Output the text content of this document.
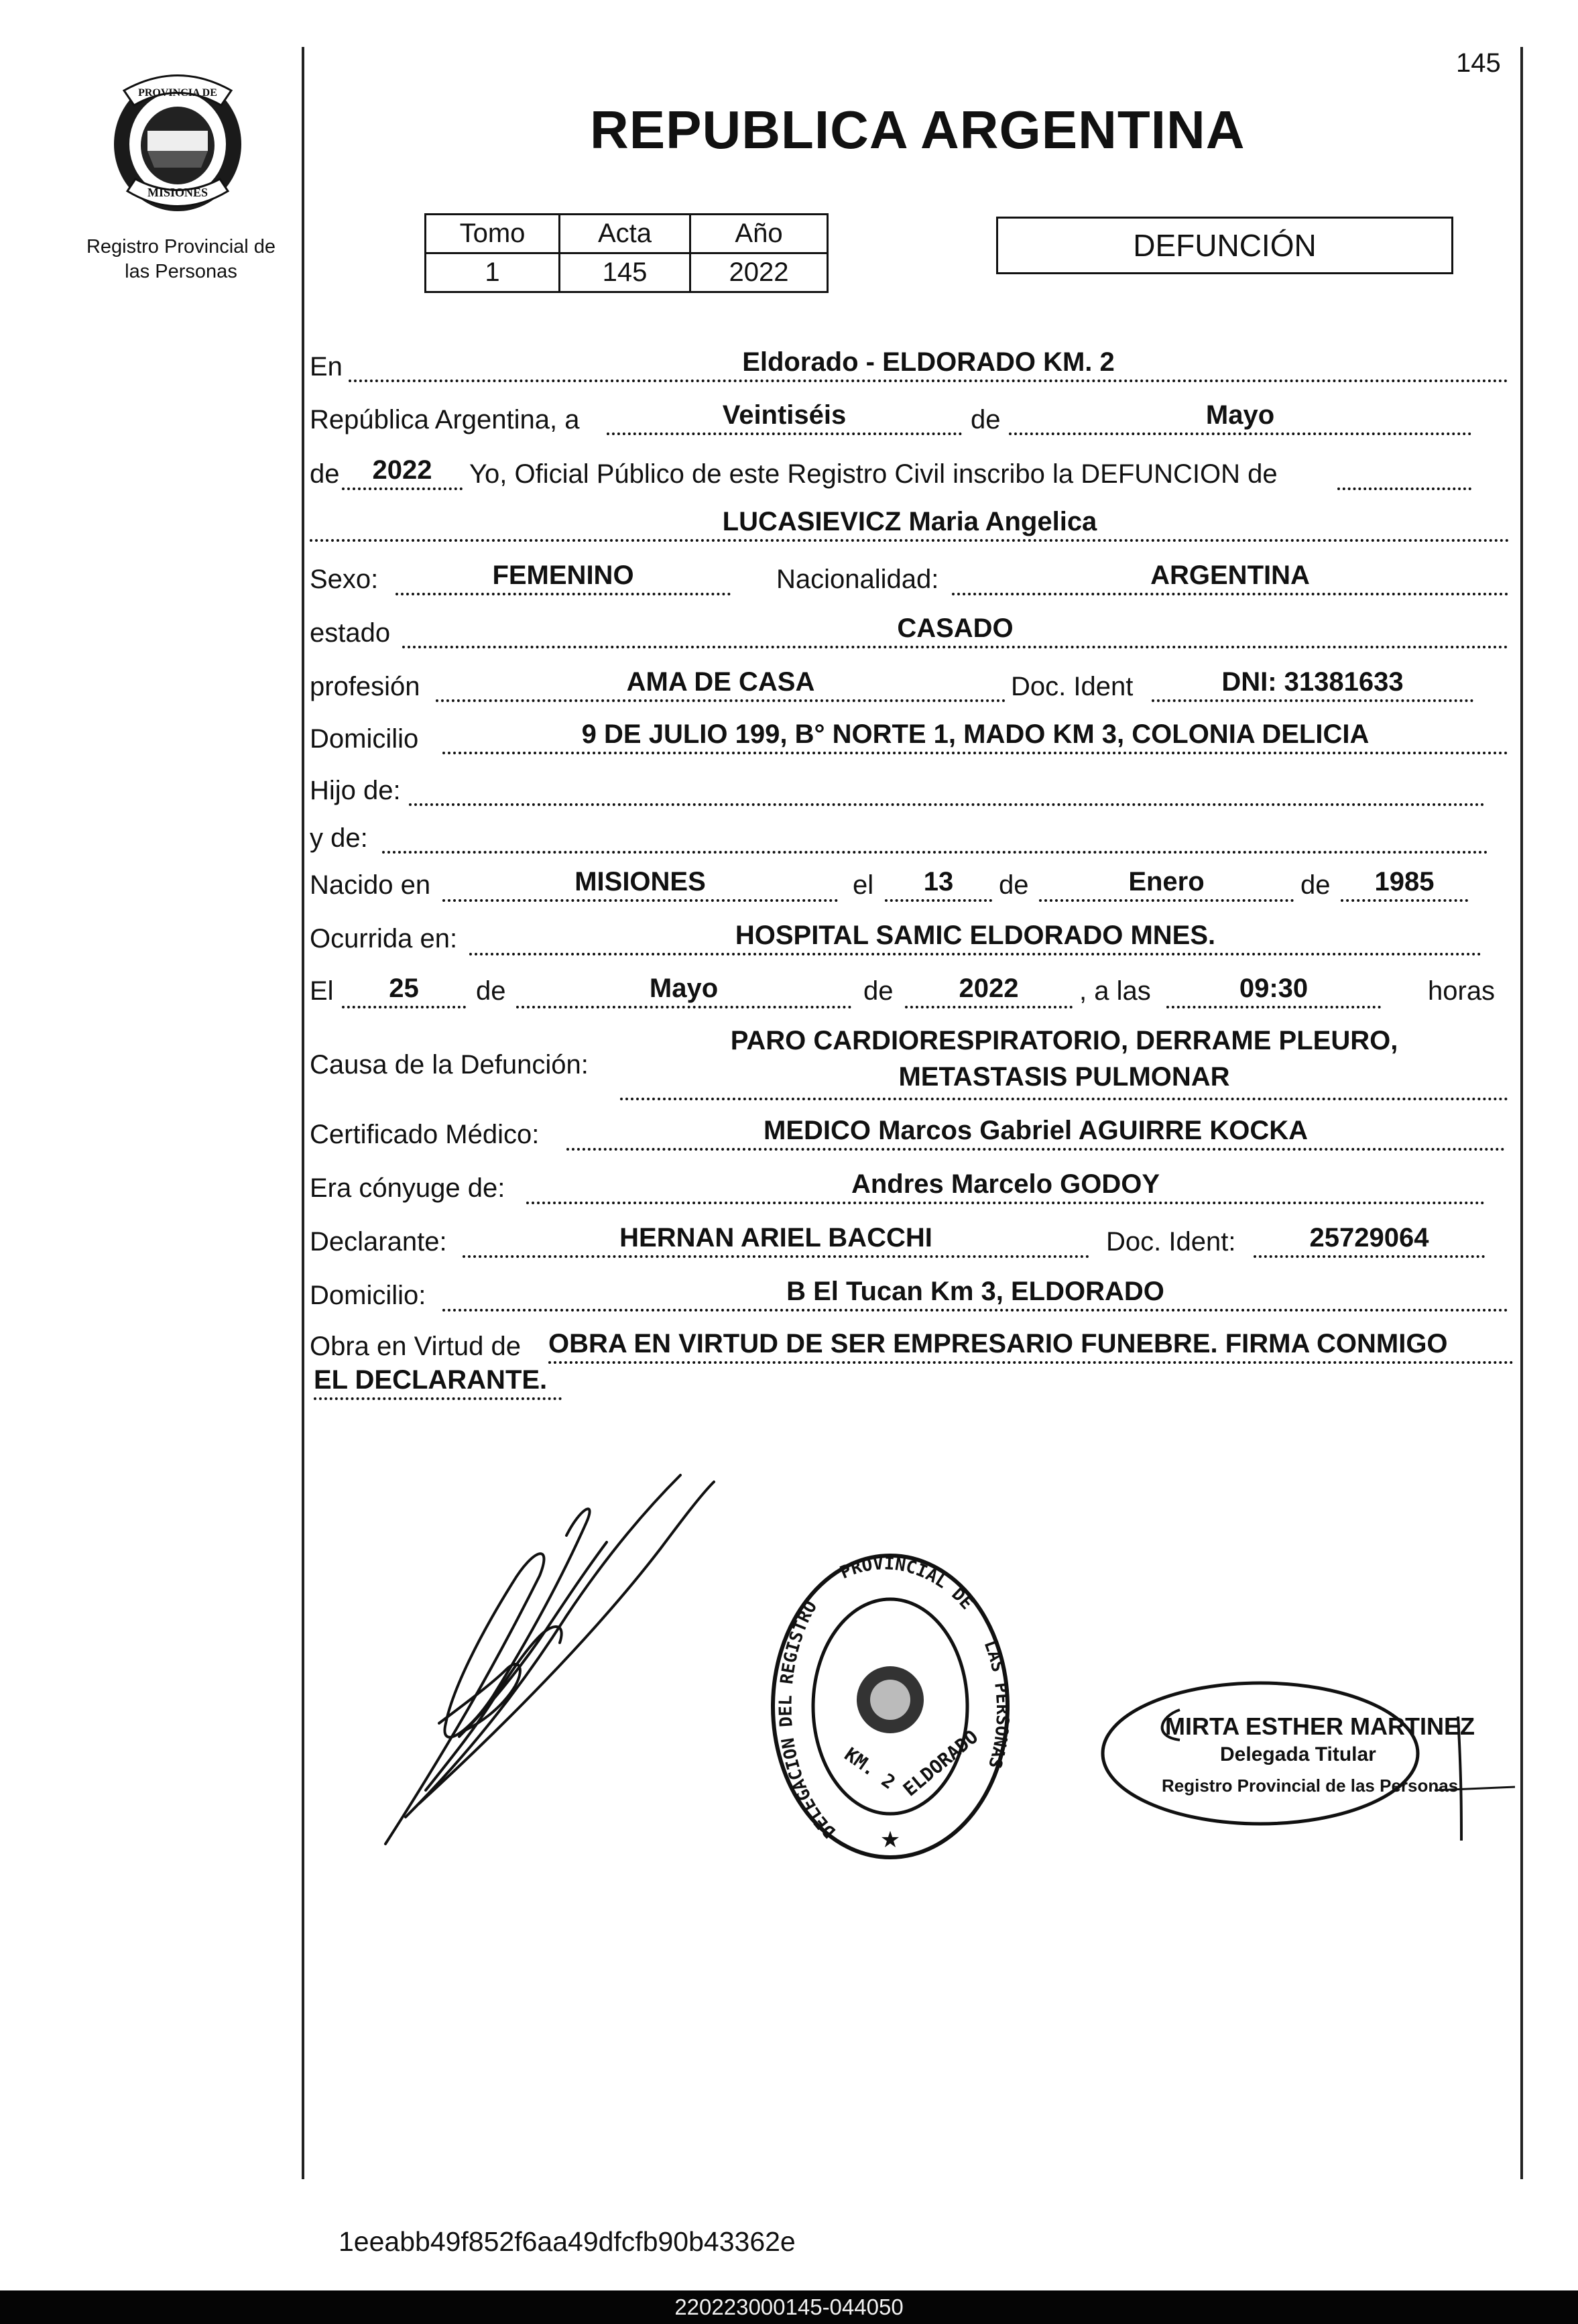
145
PROVINCIA DE
MISIONES
Registro Provincial de
las Personas
REPUBLICA ARGENTINA
Tomo	Acta	Año
1	145	2022
DEFUNCIÓN
En	Eldorado - ELDORADO KM. 2
República Argentina, a	Veintiséis	de	Mayo
de	2022	Yo, Oficial Público de este Registro Civil inscribo la DEFUNCION de
LUCASIEVICZ Maria Angelica
Sexo:	FEMENINO	Nacionalidad:	ARGENTINA
estado	CASADO
profesión	AMA DE CASA	Doc. Ident	DNI: 31381633
Domicilio	9 DE JULIO 199, B° NORTE 1, MADO KM 3, COLONIA DELICIA
Hijo de:
y de:
Nacido en	MISIONES	el	13	de	Enero	de	1985
Ocurrida en:	HOSPITAL SAMIC ELDORADO MNES.
El	25	de	Mayo	de	2022	, a las	09:30	horas
Causa de la Defunción:
PARO CARDIORESPIRATORIO, DERRAME PLEURO,
METASTASIS PULMONAR
Certificado Médico:	MEDICO Marcos Gabriel AGUIRRE KOCKA
Era cónyuge de:	Andres Marcelo GODOY
Declarante:	HERNAN ARIEL BACCHI	Doc. Ident:	25729064
Domicilio:	B El Tucan Km 3, ELDORADO
Obra en Virtud de OBRA EN VIRTUD DE SER EMPRESARIO FUNEBRE. FIRMA CONMIGO
EL DECLARANTE.
DELEGACION DEL REGISTRO
PROVINCIAL DE
LAS PERSONAS
KM. 2 ELDORADO
★
MIRTA ESTHER MARTINEZ
Delegada Titular
Registro Provincial de las Personas
1eeabb49f852f6aa49dfcfb90b43362e
220223000145-044050
